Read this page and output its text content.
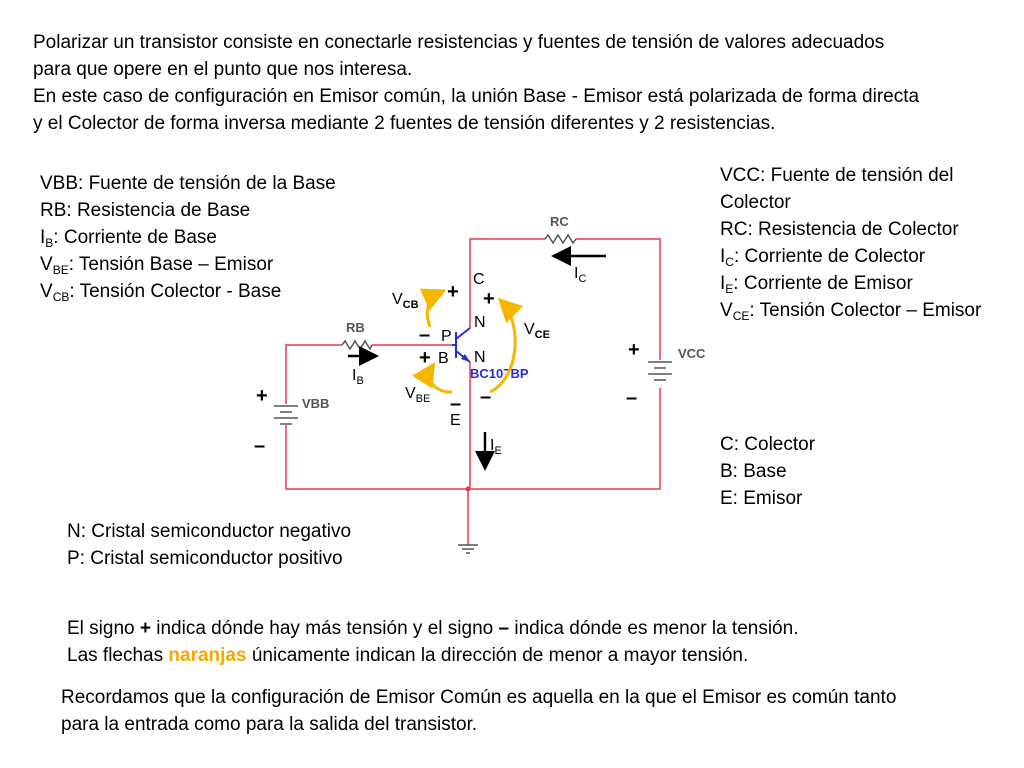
Polarizar un transistor consiste en conectarle resistencias y fuentes de tensión de valores adecuados
para que opere en el punto que nos interesa.
En este caso de configuración en Emisor común, la unión Base - Emisor está polarizada de forma directa
y el Colector de forma inversa mediante 2 fuentes de tensión diferentes y 2 resistencias.
VBB: Fuente de tensión de la Base
RB: Resistencia de Base
$I_B$: Corriente de Base
$V_{BE}$: Tensión Base – Emisor
$V_{CB}$: Tensión Colector - Base
VCC: Fuente de tensión del
Colector
RC: Resistencia de Colector
$I_C$: Corriente de Colector
$I_E$: Corriente de Emisor
$V_{CE}$: Tensión Colector – Emisor
C: Colector
B: Base
E: Emisor
N: Cristal semiconductor negativo
P: Cristal semiconductor positivo
El signo + indica dónde hay más tensión y el signo – indica dónde es menor la tensión.
Las flechas naranjas únicamente indican la dirección de menor a mayor tensión.
Recordamos que la configuración de Emisor Común es aquella en la que el Emisor es común tanto
para la entrada como para la salida del transistor.
RC
RB
VCC
VBB
BC107BP
C
N
P
N
B
E
$I_C$
$I_B$
$I_E$
$V_{CB}$
$V_{CE}$
$V_{BE}$
+
–
+
–
+
–
+
–
+
–
